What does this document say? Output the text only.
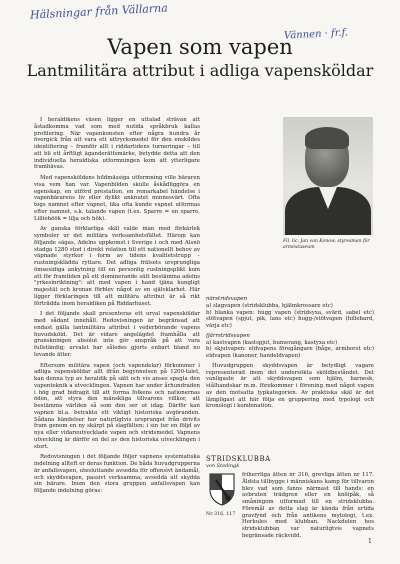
Hälsningar från Vällarna
Vännen · fr.f.
Vapen som vapen
Lantmilitära attribut i adliga vapensköldar

I heraldikens väsen ligger en uttalad strävan att åstadkomma vad som med nutida språkbruk kallas profilering. När vapenkonsten efter några hundra år övergick från att vara ett uttrycksmedel för den enskildes identifiering – framför allt i riddartidens turneringar – till att bli ett årftligt äganderättsmärke, betydde detta att den individuella heraldiska utformningen kom att ytterligare framhävas.

Med vapensköldens bildmässiga utformning ville bäraren visa vem han var. Vapenbilden skulle åskådliggöra en egenskap, en utförd prestation, en remarkabel händelse i vapenbärarens liv eller dylikt anknutet minnesvärt. Ofta togs namnet efter vapnet, lika ofta kunde vapnet utformas efter namnet, s.k. talande vapen (t.ex. Sparre = en sparre, Lilliehöök = lilja och hök).

Av ganska förklarliga skäl valde man med förkärlek symboler ur det militära verksamhetsfältet. Härom kan följande sägas. Adelns uppkomst i Sverige i och med Alsnö stadga 1280 stod i direkt relation till ett nationellt behov av väpnade styrkor i form av tidens kvalitetstrupp – rustningsklädda ryttare. Det adliga frälsets ursprungliga ömsesidiga ankytning till en personlig rustningsplikt kom att för framtiden på ett dominerande sätt bestämma adelns "yrkesinriktning": att med vapen i hand tjäna kungligt majestät och kronan förblev något av en självklarhet. Här ligger förklaringen till att militära attribut är så rikt förträdda inom heraldiken på Riddarhuset.

I det följande skall presenteras ett urval vapensköldar med sådant innehåll. Redovisningen är begränsad att endast gälla lantmilitära attribut i vederbörande vapens huvudsköld. Det är vidare angelägdet framhålla att granskningen absolut inte gör anspråk på att vara fullständig; urvalet har således gjorts enbart bland no levande ätter.

Eftersom militära vapen (och vapendelar) förkommer i adliga vapensköldar allt ifrån begynnelsen på 1200-talet, kan denna typ av heraldik på sätt och vis anses spegla den vapenteknik a utvecklingen. Vapnen har under århundraden i hög grad bidragit till att forma folkens och nationernas öden, att styra den mänskliga tillvarons villkor, att bestämma världen så som den ser ut idag. Därför kan vapnen bl.a. betrakta ett viktigt historiska avgöranden. Sådana händelser har naturligtvis ursprunget från drivits fram genom en ny skärpt på slagfälten; i sin tur en följd av nya eller vidareutvecklade vapen och stridsmedel. Vapnens utveckling är därför en del av den historiska utvecklingen i stort.

Redovisningen i det följande följer vapnens systematiska indelning allteft er deras funktion. De båda huvudgrupperna är anfallsvapen, utesluttande avsedda för offensivt ändamål, och skyddsvapen, passivt verksamma, avsedda att skydda sin bärare. Inom den stora gruppen anfallsvapen kan följande indelning göras:

Fil. lic. Jan von Konow, styresman för arméstuseum
närstridsvapen
a) slagvapen (stridsklubba, hjälmkrossare etc)
b) blanka vapen: hugg vapen (stridsyxa, svärd, sabel etc) stötvapen (spjut, pik, lans etc) hugg-/stötvapen (hillebard, värja etc)
fjärrstridsvapen
a) kastvapen (kastspjut, bumerang, kastyxa etc)
b) skjutvapen: eldvapens föregångare (båge, armborst etc) eldvapen (kanoner, handeldvapen)

Huvudgruppen skyddsvapen är betydligt vagare representerad inom det undersökta sköldbeståndet. Det vanligaste är att skyddsvapen som hjälm, harnesk, stålhandskar m.m. förekommer i förening med något vapen av den motsatta typkategorien. Av praktiska skäl är det lämpligast att här följa en gruppering med typologi och kronologi i kombination.

STRIDSKLUBBA
von Stedingk
Nr 316, 117

friherrliga ätten nr 316, grevliga ätten nr 117. Äldsta tillbygge i människans kamp för tillvaron blev vad som fanns närmast till hands: en avbruten trädgren eller en knölpåk, så småningom utformad till en stridsklubba. Föremål av detta slag är kända från urtida gravfynd och från antikens mytologi, t.ex. Herkules med klubban. Nackdelen hos stridsklubban var naturligtvis vapnets begränsade räckvidd.

1
